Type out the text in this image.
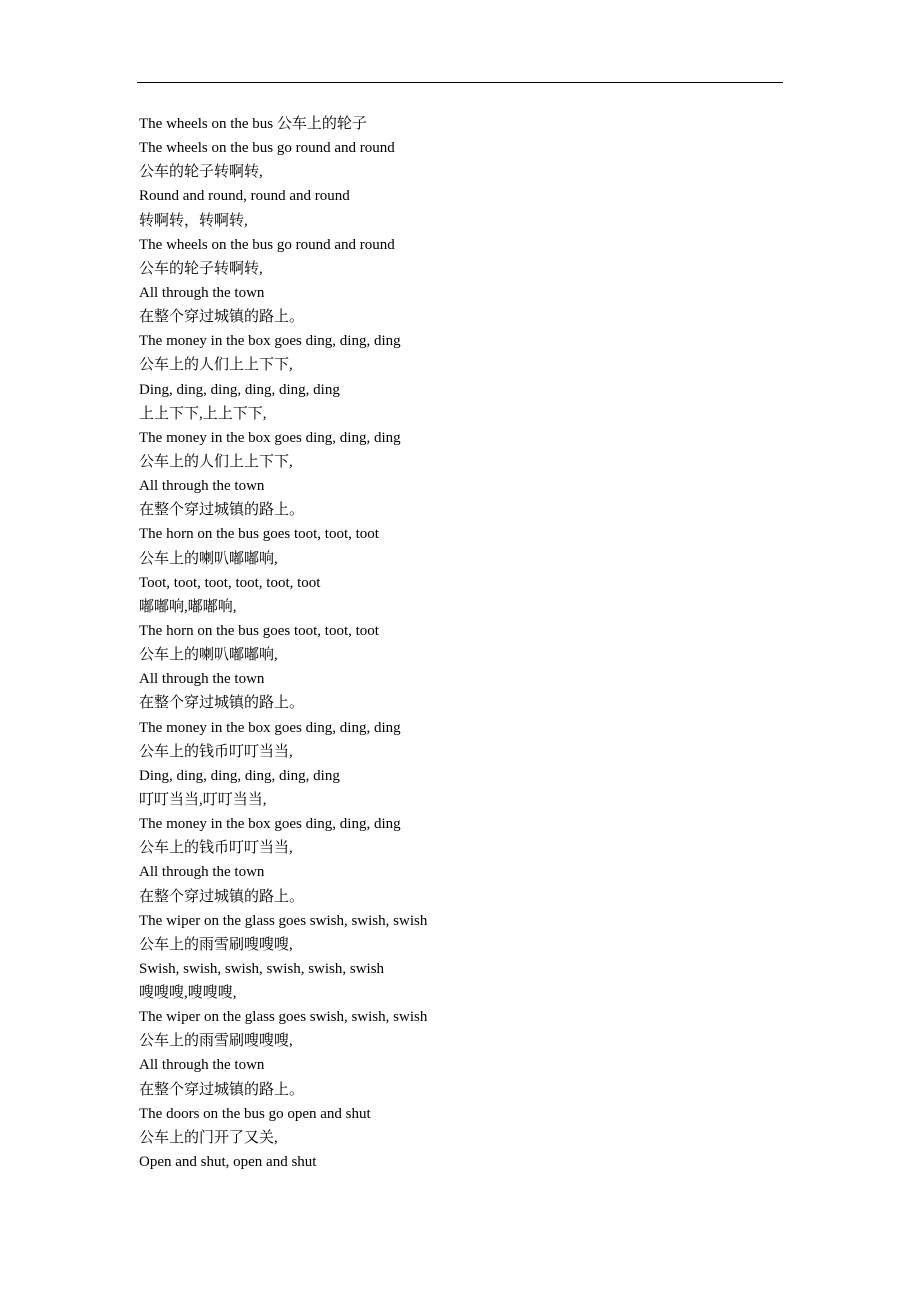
The wheels on the bus 公车上的轮子
The wheels on the bus go round and round
公车的轮子转啊转,
Round and round, round and round
转啊转，转啊转,
The wheels on the bus go round and round
公车的轮子转啊转,
All through the town
在整个穿过城镇的路上。
The money in the box goes ding, ding, ding
公车上的人们上上下下,
Ding, ding, ding, ding, ding, ding
上上下下,上上下下,
The money in the box goes ding, ding, ding
公车上的人们上上下下,
All through the town
在整个穿过城镇的路上。
The horn on the bus goes toot, toot, toot
公车上的喇叭嘟嘟响,
Toot, toot, toot, toot, toot, toot
嘟嘟响,嘟嘟响,
The horn on the bus goes toot, toot, toot
公车上的喇叭嘟嘟响,
All through the town
在整个穿过城镇的路上。
The money in the box goes ding, ding, ding
公车上的钱币叮叮当当,
Ding, ding, ding, ding, ding, ding
叮叮当当,叮叮当当,
The money in the box goes ding, ding, ding
公车上的钱币叮叮当当,
All through the town
在整个穿过城镇的路上。
The wiper on the glass goes swish, swish, swish
公车上的雨雪刷嗖嗖嗖,
Swish, swish, swish, swish, swish, swish
嗖嗖嗖,嗖嗖嗖,
The wiper on the glass goes swish, swish, swish
公车上的雨雪刷嗖嗖嗖,
All through the town
在整个穿过城镇的路上。
The doors on the bus go open and shut
公车上的门开了又关,
Open and shut, open and shut
